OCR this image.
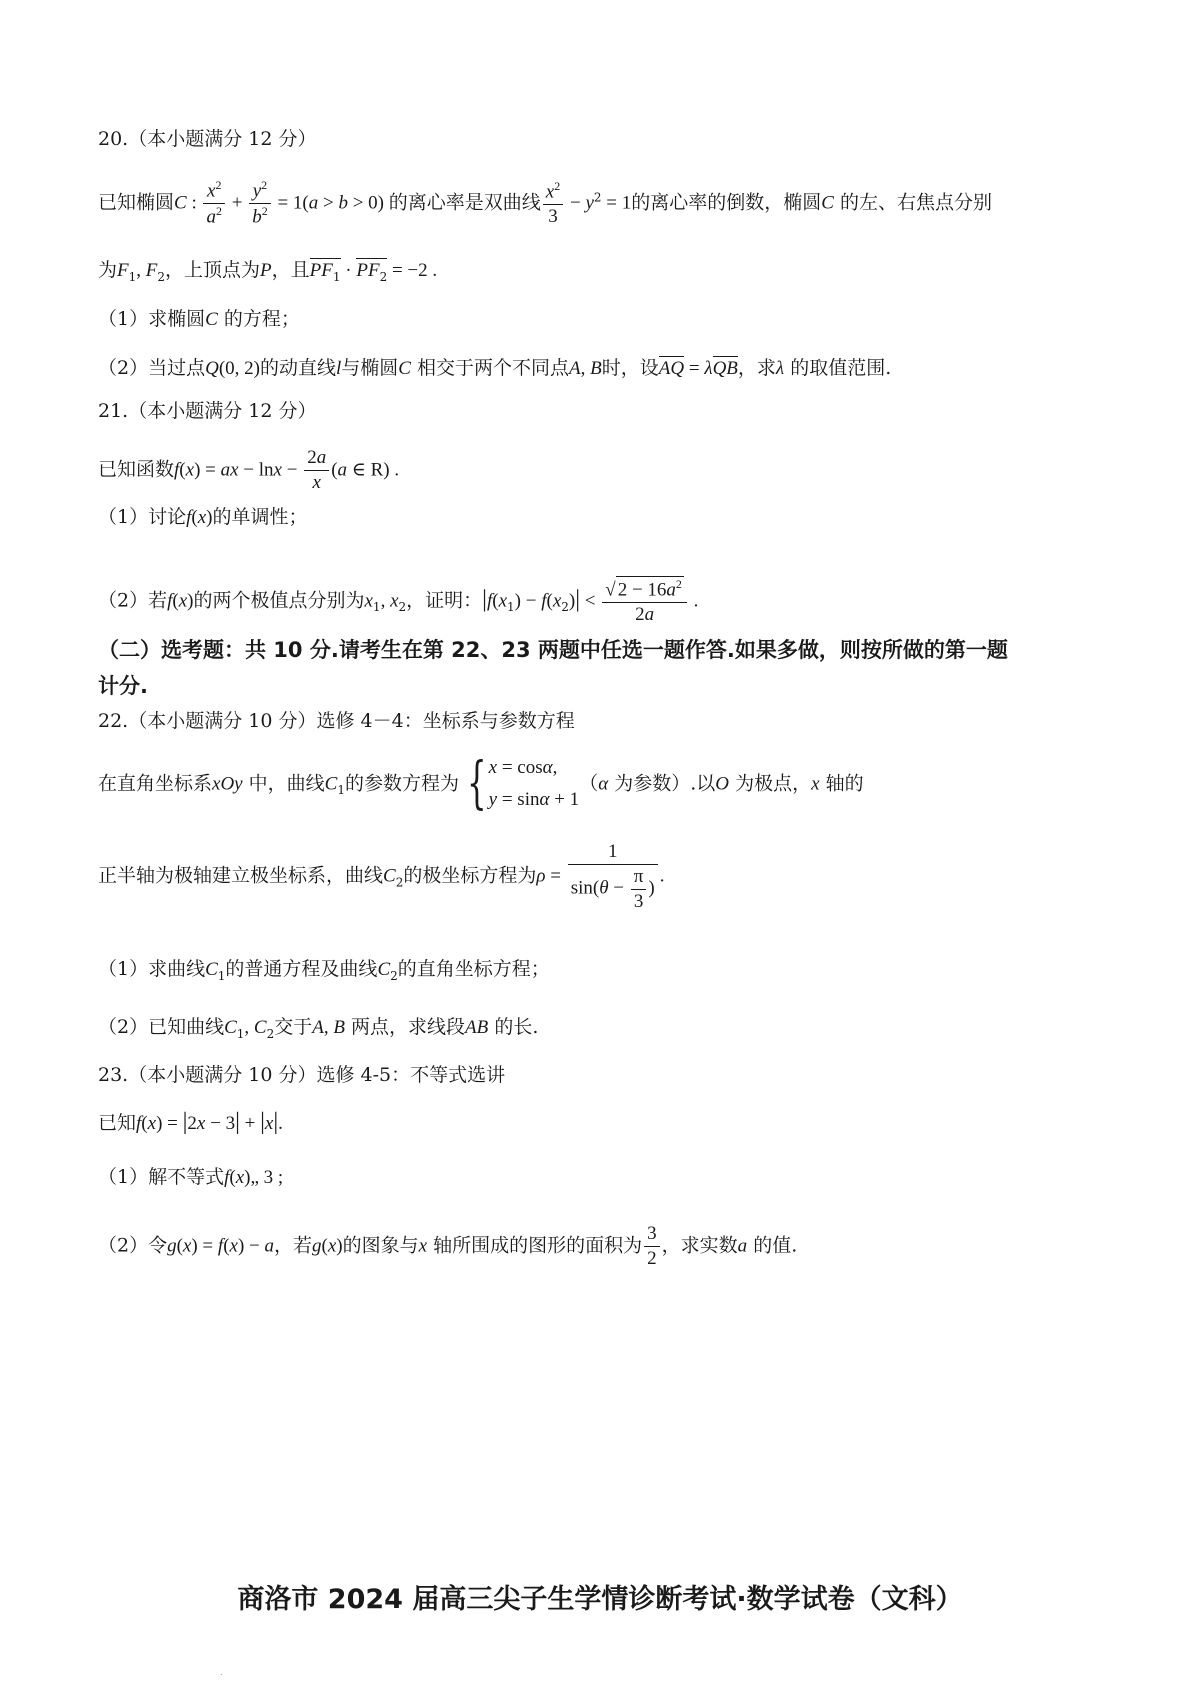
20.（本小题满分 12 分）
已知椭圆C : $\frac{x^2}{a^2} + \frac{y^2}{b^2} = 1(a > b > 0)$ 的离心率是双曲线 $\frac{x^2}{3} - y^2 = 1$的离心率的倒数，椭圆C 的左、右焦点分别
为$F_1$, $F_2$，上顶点为P，且$PF_1 \cdot PF_2 = -2$ .
（1）求椭圆C 的方程；
（2）当过点Q(0, 2)的动直线l与椭圆C 相交于两个不同点A, B时，设AQ = λQB，求λ 的取值范围.
21.（本小题满分 12 分）
已知函数f(x) = ax − $\ln x - \frac{2a}{x} (a$ ∈ R) .
（1）讨论f(x)的单调性；
（2）若f(x)的两个极值点分别为$x_1$, $x_2$，证明：$|f(x_1) - f(x_2)| < \frac{√ 2 - 16a^2}{2a}$ .
（二）选考题：共 10 分.请考生在第 22、23 两题中任选一题作答.如果多做，则按所做的第一题
计分.
22.（本小题满分 10 分）选修 4－4：坐标系与参数方程
在直角坐标系xOy 中，曲线$C_1$的参数方程为 { x = cosα,
y = sinα + 1
（α 为参数）.以O 为极点，x 轴的
正半轴为极轴建立极坐标系，曲线$C_2$的极坐标方程为$\rho = \frac{1}{\sin(\theta - \frac{\pi}{3} )}$ .
（1）求曲线$C_1$的普通方程及曲线$C_2$的直角坐标方程；
（2）已知曲线$C_1$, $C_2$交于A, B 两点，求线段AB 的长.
23.（本小题满分 10 分）选修 4-5：不等式选讲
已知f(x) = |2x − 3| + |x|.
（1）解不等式f(x)„ 3 ;
（2）令g(x) = f(x) − a，若g(x)的图象与x 轴所围成的图形的面积为 $\frac{3}{2}$ ，求实数a 的值.
商洛市 2024 届高三尖子生学情诊断考试·数学试卷（文科）
.
